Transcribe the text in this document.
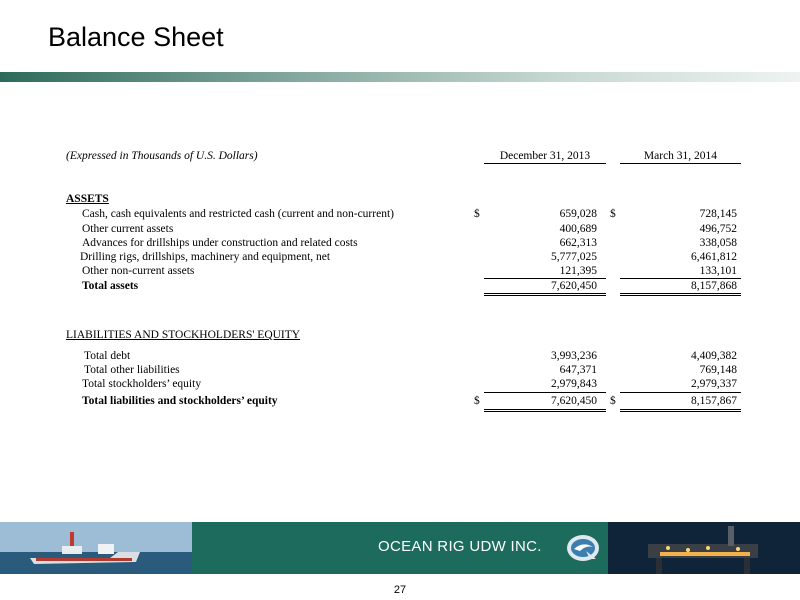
Balance Sheet
(Expressed in Thousands of U.S. Dollars)	December 31, 2013	March 31, 2014
ASSETS
Cash, cash equivalents and restricted cash (current and non-current)	$	659,028 $	728,145
Other current assets	400,689	496,752
Advances for drillships under construction and related costs	662,313	338,058
Drilling rigs, drillships, machinery and equipment, net	5,777,025	6,461,812
Other non-current assets	121,395	133,101
Total assets	7,620,450	8,157,868
LIABILITIES AND STOCKHOLDERS' EQUITY
Total debt	3,993,236	4,409,382
Total other liabilities	647,371	769,148
Total stockholders’ equity	2,979,843	2,979,337
Total liabilities and stockholders’ equity	$	7,620,450 $	8,157,867
OCEAN RIG UDW INC.
27
